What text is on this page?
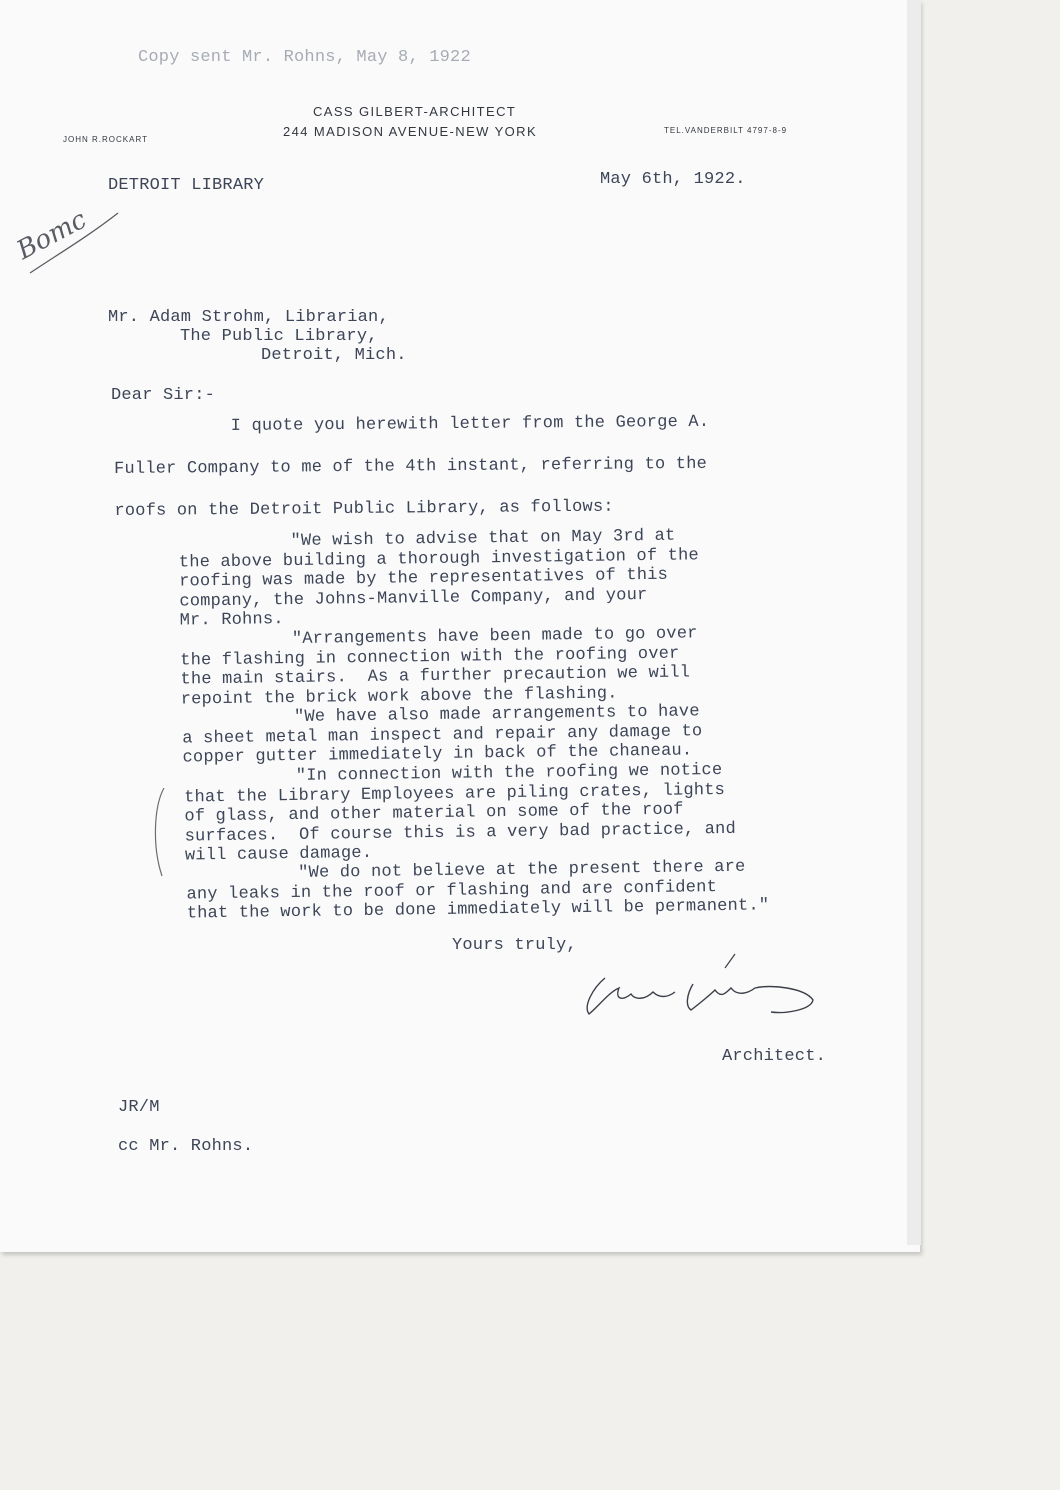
Copy sent Mr. Rohns, May 8, 1922

CASS GILBERT-ARCHITECT

244 MADISON AVENUE-NEW YORK

JOHN R.ROCKART

TEL.VANDERBILT 4797-8-9

DETROIT LIBRARY	May 6th, 1922.

Bomc

Mr. Adam Strohm, Librarian,

The Public Library,

Detroit, Mich.

Dear Sir:-

I quote you herewith letter from the George A.

Fuller Company to me of the 4th instant, referring to the

roofs on the Detroit Public Library, as follows:

"We wish to advise that on May 3rd at
the above building a thorough investigation of the
roofing was made by the representatives of this
company, the Johns-Manville Company, and your
Mr. Rohns.

"Arrangements have been made to go over
the flashing in connection with the roofing over
the main stairs.  As a further precaution we will
repoint the brick work above the flashing.

"We have also made arrangements to have
a sheet metal man inspect and repair any damage to
copper gutter immediately in back of the chaneau.

"In connection with the roofing we notice
that the Library Employees are piling crates, lights
of glass, and other material on some of the roof
surfaces.  Of course this is a very bad practice, and
will cause damage.

"We do not believe at the present there are
any leaks in the roof or flashing and are confident
that the work to be done immediately will be permanent."

Yours truly,

Cass Gilbert

Architect.

JR/M

cc Mr. Rohns.
